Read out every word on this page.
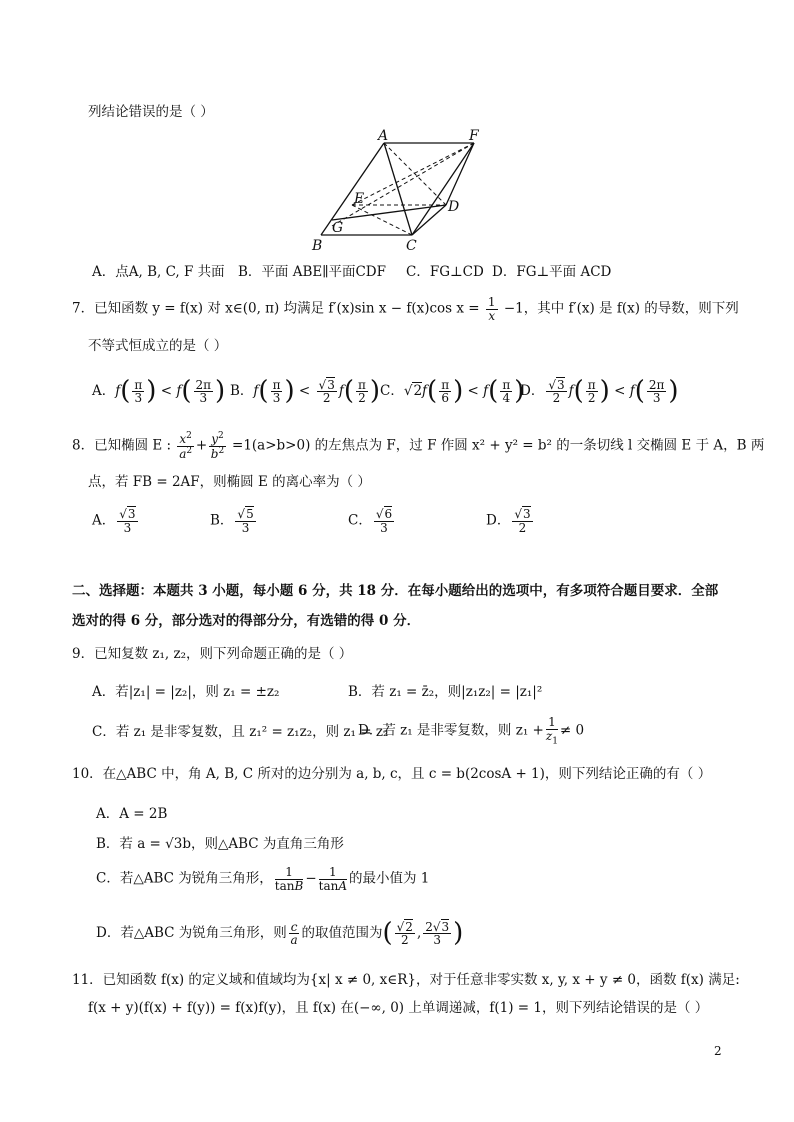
列结论错误的是（ ）
A	F
E	D
G
B	C
A．点A, B, C, F 共面 B．平面 ABE∥平面CDF C．FG⊥CD D．FG⊥平面 ACD
7．已知函数 y = f(x) 对 x∈(0, π) 均满足 f′(x)sin x − f(x)cos $x = \frac{1}{x} -1$，其中 f′(x) 是 f(x) 的导数，则下列
不等式恒成立的是（ ）
A．$f( \frac{\pi}{3}$ ) < $f( \frac{2\pi}{3}$ ) B．$f( \frac{\pi}{3}$ ) < $\frac{√3}{2} f( \frac{\pi}{2}$ ) C．$√2f( \frac{\pi}{6}$ ) < $f( \frac{\pi}{4}$ )
D． $\frac{√3}{2} f( \frac{\pi}{2}$ ) < $f( \frac{2\pi}{3}$ )
8．已知椭圆 E : $\frac{x^2}{a^2} + \frac{y^2}{b^2} =1(a>b>0)$ 的左焦点为 F，过 F 作圆 x² + y² = b² 的一条切线 l 交椭圆 E 于 A，B 两
点，若 FB = 2AF，则椭圆 E 的离心率为（ ）
A． $\frac{√3}{3}$	B． $\frac{√5}{3}$	C． $\frac{√6}{3}$	D． $\frac{√3}{2}$
二、选择题：本题共 3 小题，每小题 6 分，共 18 分．在每小题给出的选项中，有多项符合题目要求．全部
选对的得 6 分，部分选对的得部分分，有选错的得 0 分．
9．已知复数 z₁, z₂，则下列命题正确的是（ ）
A．若|z₁| = |z₂|，则 z₁ = ±z₂	B．若 z₁ = z̄₂，则|z₁z₂| = |z₁|²
C．若 z₁ 是非零复数，且 z₁² = z₁z₂，则 z₁ = z₂
D．若 z₁ 是非零复数，则 $z_1 + \frac{1}{z_1} \ne 0$
10．在△ABC 中，角 A, B, C 所对的边分别为 a, b, c，且 c = b(2cosA + 1)，则下列结论正确的有（ ）
A．A = 2B
B．若 a = √3b，则△ABC 为直角三角形
C．若△ABC 为锐角三角形， $\frac{1}{\tan B} - \frac{1}{\tan A}$ 的最小值为 1
D．若△ABC 为锐角三角形，则 $\frac{c}{a}$ 的取值范围为( $\frac{√2}{2}$ , $\frac{2√3}{3}$ )
11．已知函数 f(x) 的定义域和值域均为{x| x ≠ 0, x∈R}，对于任意非零实数 x, y, x + y ≠ 0，函数 f(x) 满足:
f(x + y)(f(x) + f(y)) = f(x)f(y)，且 f(x) 在(−∞, 0) 上单调递减，f(1) = 1，则下列结论错误的是（ ）
2
